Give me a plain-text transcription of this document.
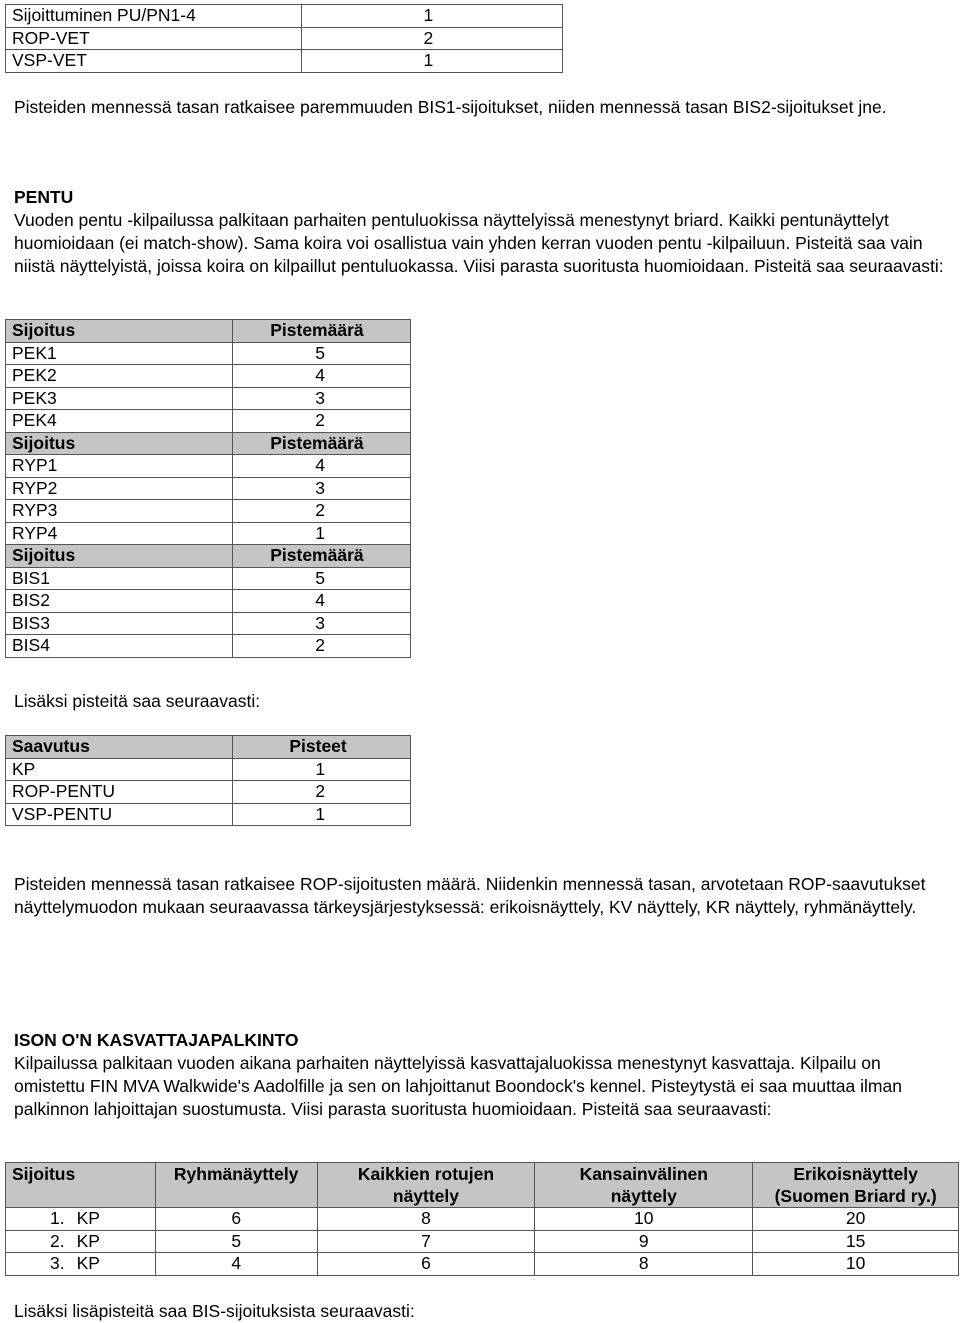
Sijoittuminen PU/PN1-4	1
ROP-VET	2
VSP-VET	1

Pisteiden mennessä tasan ratkaisee paremmuuden BIS1-sijoitukset, niiden mennessä tasan BIS2-sijoitukset jne.

PENTU

Vuoden pentu -kilpailussa palkitaan parhaiten pentuluokissa näyttelyissä menestynyt briard. Kaikki pentunäyttelyt huomioidaan (ei match-show). Sama koira voi osallistua vain yhden kerran vuoden pentu -kilpailuun. Pisteitä saa vain niistä näyttelyistä, joissa koira on kilpaillut pentuluokassa. Viisi parasta suoritusta huomioidaan. Pisteitä saa seuraavasti:

Sijoitus	Pistemäärä
PEK1	5
PEK2	4
PEK3	3
PEK4	2
Sijoitus	Pistemäärä
RYP1	4
RYP2	3
RYP3	2
RYP4	1
Sijoitus	Pistemäärä
BIS1	5
BIS2	4
BIS3	3
BIS4	2

Lisäksi pisteitä saa seuraavasti:

Saavutus	Pisteet
KP	1
ROP-PENTU	2
VSP-PENTU	1

Pisteiden mennessä tasan ratkaisee ROP-sijoitusten määrä. Niidenkin mennessä tasan, arvotetaan ROP-saavutukset näyttelymuodon mukaan seuraavassa tärkeysjärjestyksessä: erikoisnäyttely, KV näyttely, KR näyttely, ryhmänäyttely.

ISON O'N KASVATTAJAPALKINTO

Kilpailussa palkitaan vuoden aikana parhaiten näyttelyissä kasvattajaluokissa menestynyt kasvattaja. Kilpailu on omistettu FIN MVA Walkwide's Aadolfille ja sen on lahjoittanut Boondock's kennel. Pisteytystä ei saa muuttaa ilman palkinnon lahjoittajan suostumusta. Viisi parasta suoritusta huomioidaan. Pisteitä saa seuraavasti:

Sijoitus	Ryhmänäyttely	Kaikkien rotujen näyttely	Kansainvälinen näyttely	Erikoisnäyttely (Suomen Briard ry.)
1. KP	6	8	10	20
2. KP	5	7	9	15
3. KP	4	6	8	10

Lisäksi lisäpisteitä saa BIS-sijoituksista seuraavasti:
